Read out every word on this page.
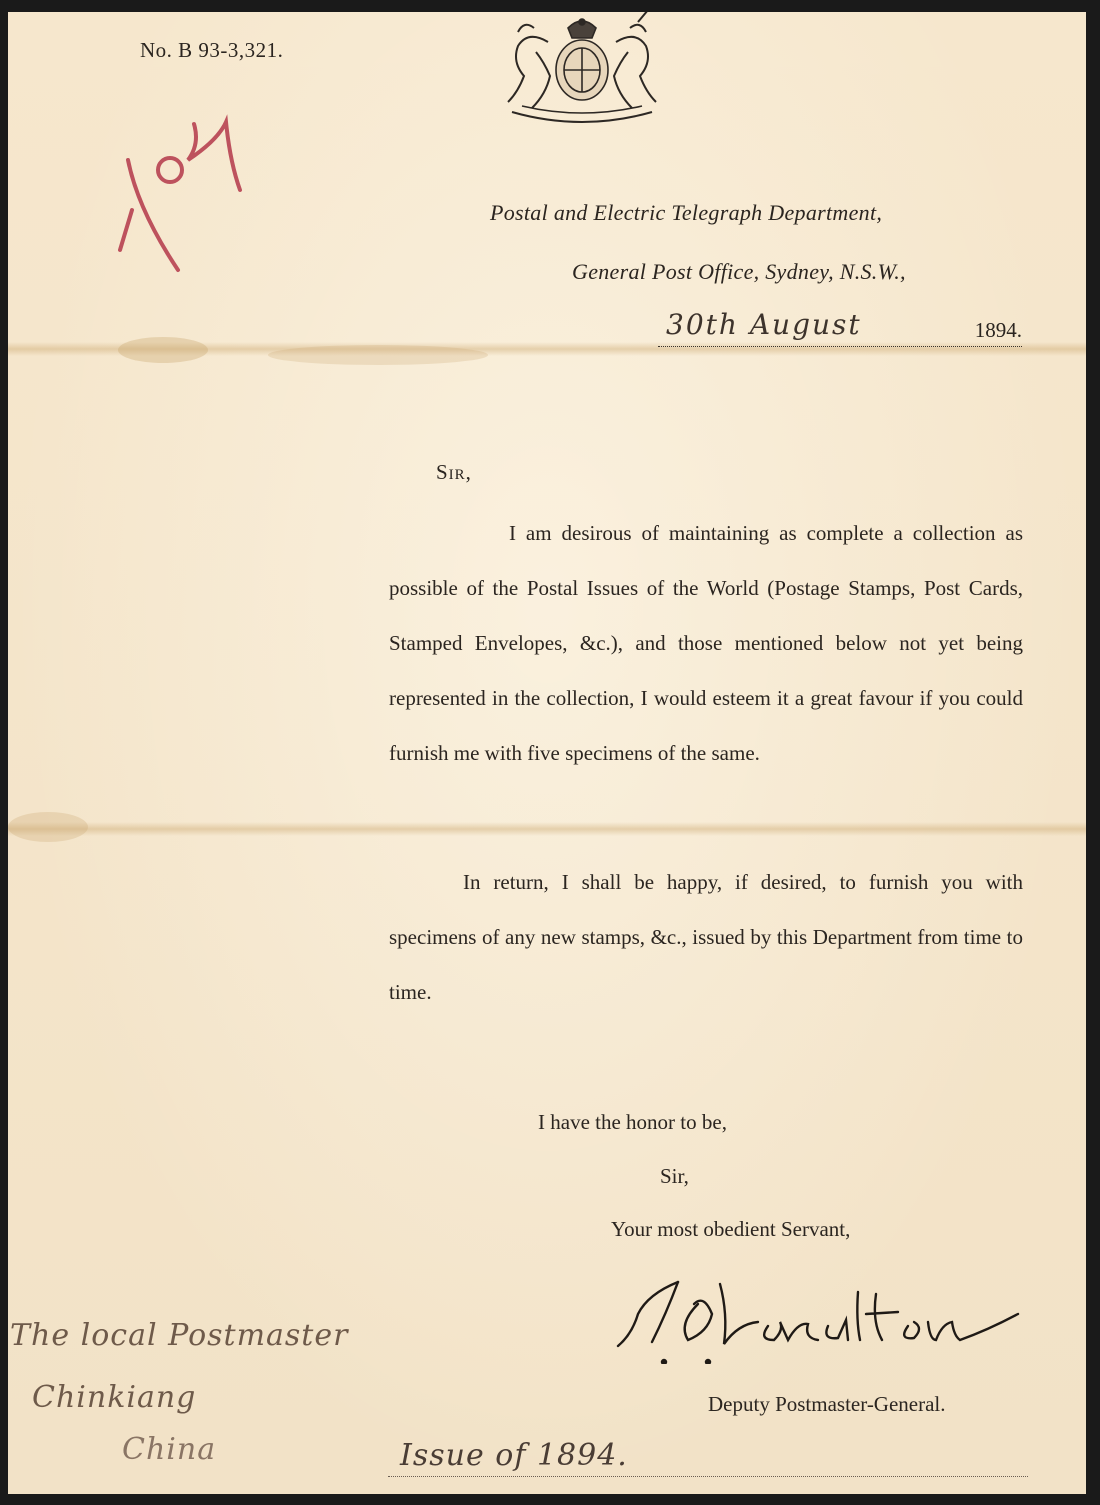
No. B 93-3,321.
Postal and Electric Telegraph Department,
General Post Office, Sydney, N.S.W.,
30th August	1894.
Sir,
I am desirous of maintaining as complete a collection as possible of the Postal Issues of the World (Postage Stamps, Post Cards, Stamped Envelopes, &c.), and those mentioned below not yet being represented in the collection, I would esteem it a great favour if you could furnish me with five specimens of the same.
In return, I shall be happy, if desired, to furnish you with specimens of any new stamps, &c., issued by this Department from time to time.
I have the honor to be,
Sir,
Your most obedient Servant,
Deputy Postmaster-General.
The local Postmaster
Chinkiang
China	Issue of 1894.
